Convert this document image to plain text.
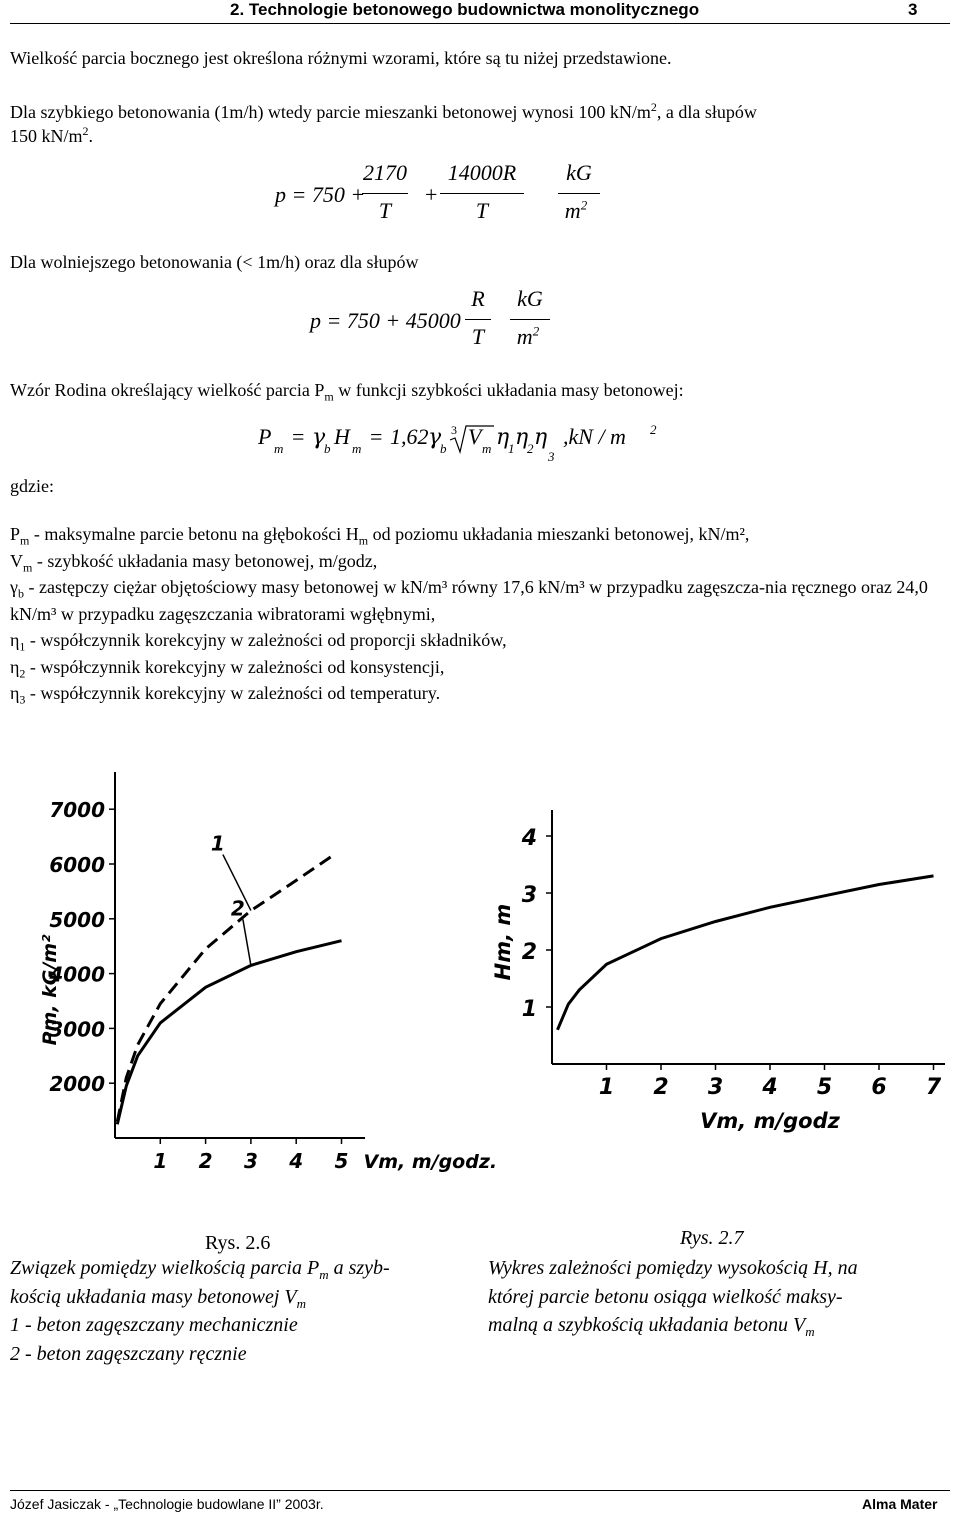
2. Technologie betonowego budownictwa monolitycznego	3
Wielkość parcia bocznego jest określona różnymi wzorami, które są tu niżej przedstawione.
Dla szybkiego betonowania (1m/h) wtedy parcie mieszanki betonowej wynosi 100 $kN/m^2$, a dla słupów
150 $kN/m^2$.
p = 750 +
2170
T
+
14000R
T
kG
$m^2$
Dla wolniejszego betonowania (< 1m/h) oraz dla słupów
p = 750 + 45000
R
T
kG
$m^2$
Wzór Rodina określający wielkość parcia $P_m$ w funkcji szybkości układania masy betonowej:
P m = γ
b H m = 1,62 γ
b
3 V m η
1 η
2 η
3
,kN / m 2
gdzie:
$P_m$ - maksymalne parcie betonu na głębokości $H_m$ od poziomu układania mieszanki betonowej, kN/m²,
$V_m$ - szybkość układania masy betonowej, m/godz,
$\gamma_b$ - zastępczy ciężar objętościowy masy betonowej w kN/m³ równy 17,6 kN/m³ w przypadku zagęszcza-nia ręcznego oraz 24,0 kN/m³ w przypadku zagęszczania wibratorami wgłębnymi,
$\eta_1$ - współczynnik korekcyjny w zależności od proporcji składników,
$\eta_2$ - współczynnik korekcyjny w zależności od konsystencji,
$\eta_3$ - współczynnik korekcyjny w zależności od temperatury.
7000
6000
5000
4000
3000
2000
1 2 3 4 5 Vm, m/godz.
Pm, kG/m²
1
2
4
3
2
1
1 2 3 4 5 6 7
Vm, m/godz
Hm, m
Rys. 2.6
Związek pomiędzy wielkością parcia $P_m$ a szyb-
kością układania masy betonowej $V_m$
1 - beton zagęszczany mechanicznie
2 - beton zagęszczany ręcznie
Rys. 2.7
Wykres zależności pomiędzy wysokością H, na
której parcie betonu osiąga wielkość maksy-
malną a szybkością układania betonu $V_m$
Józef Jasiczak - „Technologie budowlane II” 2003r.	Alma Mater
